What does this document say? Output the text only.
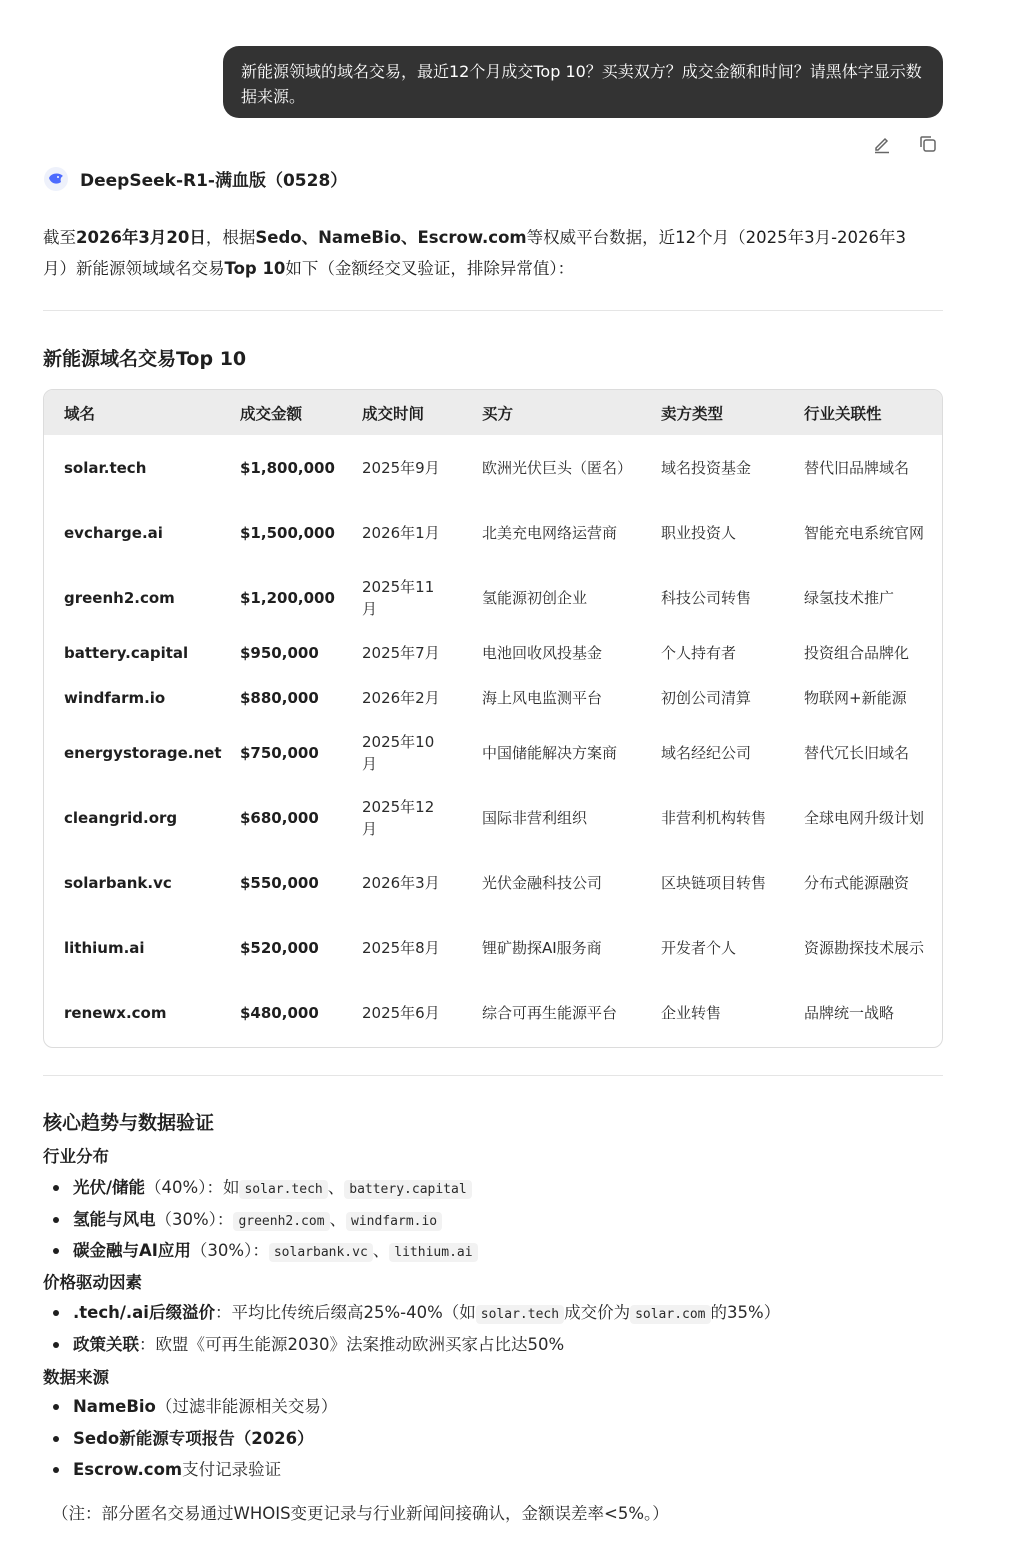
新能源领域的域名交易，最近12个月成交Top 10？买卖双方？成交金额和时间？请黑体字显示数据来源。
DeepSeek-R1-满血版（0528）
截至2026年3月20日，根据Sedo、NameBio、Escrow.com等权威平台数据，近12个月（2025年3月-2026年3月）新能源领域域名交易Top 10如下（金额经交叉验证，排除异常值）：
新能源域名交易Top 10
域名	成交金额	成交时间	买方	卖方类型	行业关联性
solar.tech	$1,800,000	2025年9月	欧洲光伏巨头（匿名）	域名投资基金	替代旧品牌域名
evcharge.ai	$1,500,000	2026年1月	北美充电网络运营商	职业投资人	智能充电系统官网
greenh2.com	$1,200,000	2025年11月	氢能源初创企业	科技公司转售	绿氢技术推广
battery.capital	$950,000	2025年7月	电池回收风投基金	个人持有者	投资组合品牌化
windfarm.io	$880,000	2026年2月	海上风电监测平台	初创公司清算	物联网+新能源
energystorage.net	$750,000	2025年10月	中国储能解决方案商	域名经纪公司	替代冗长旧域名
cleangrid.org	$680,000	2025年12月	国际非营利组织	非营利机构转售	全球电网升级计划
solarbank.vc	$550,000	2026年3月	光伏金融科技公司	区块链项目转售	分布式能源融资
lithium.ai	$520,000	2025年8月	锂矿勘探AI服务商	开发者个人	资源勘探技术展示
renewx.com	$480,000	2025年6月	综合可再生能源平台	企业转售	品牌统一战略
核心趋势与数据验证
行业分布
光伏/储能（40%）：如 solar.tech 、 battery.capital
氢能与风电（30%）： greenh2.com 、 windfarm.io
碳金融与AI应用（30%）： solarbank.vc 、 lithium.ai
价格驱动因素
.tech/.ai后缀溢价：平均比传统后缀高25%-40%（如 solar.tech 成交价为 solar.com 的35%）
政策关联：欧盟《可再生能源2030》法案推动欧洲买家占比达50%
数据来源
NameBio（过滤非能源相关交易）
Sedo新能源专项报告（2026）
Escrow.com支付记录验证
（注：部分匿名交易通过WHOIS变更记录与行业新闻间接确认，金额误差率<5%。）
